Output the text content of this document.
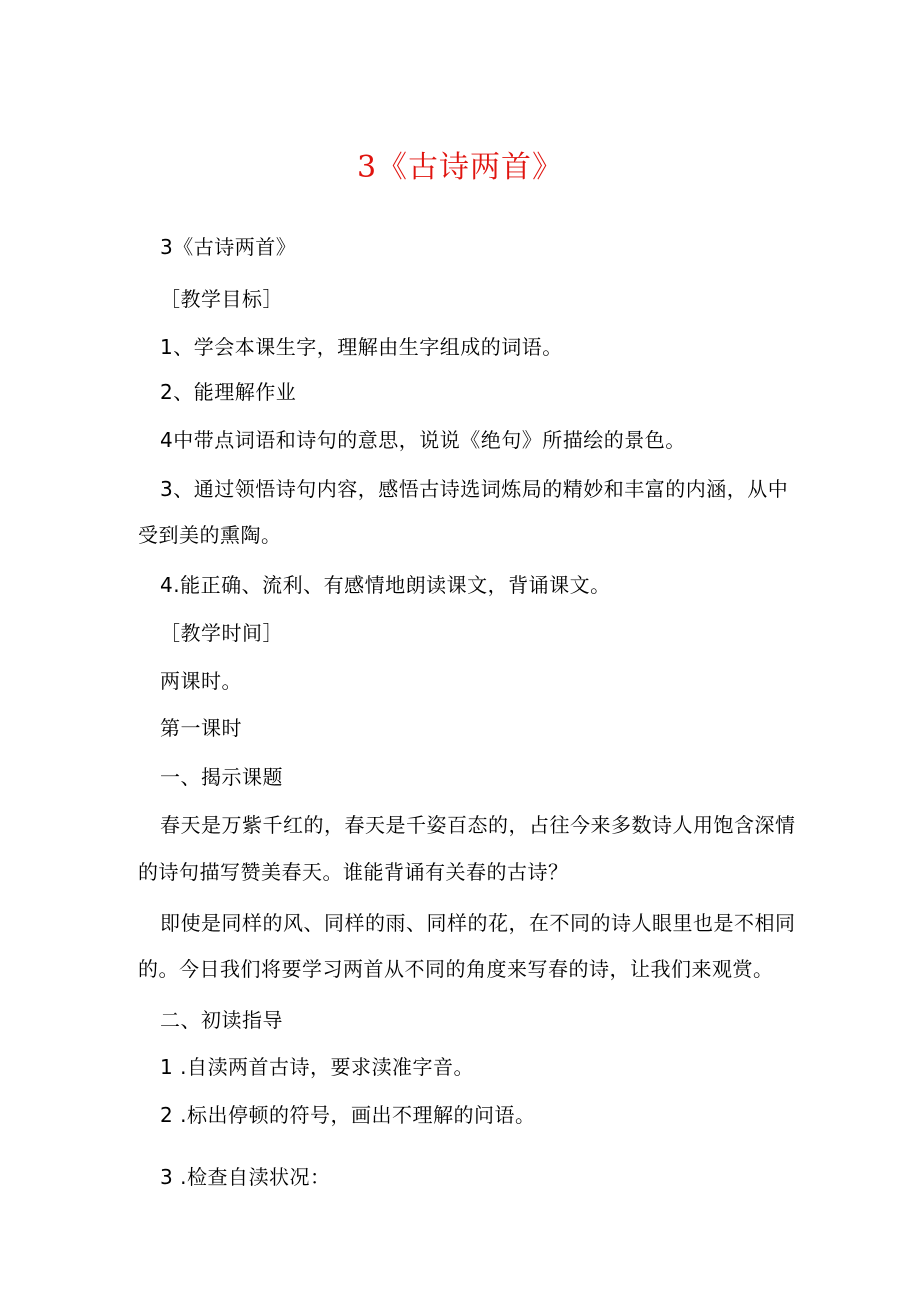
3《古诗两首》
3《古诗两首》
［教学目标］
1、学会本课生字，理解由生字组成的词语。
2、能理解作业
4中带点词语和诗句的意思，说说《绝句》所描绘的景色。
3、通过领悟诗句内容，感悟古诗选词炼局的精妙和丰富的内涵，从中
受到美的熏陶。
4.能正确、流利、有感情地朗读课文，背诵课文。
［教学时间］
两课时。
第一课时
一、揭示课题
春天是万紫千红的，春天是千姿百态的，占往今来多数诗人用饱含深情
的诗句描写赞美春天。谁能背诵有关春的古诗？
即使是同样的风、同样的雨、同样的花，在不同的诗人眼里也是不相同
的。今日我们将要学习两首从不同的角度来写春的诗，让我们来观赏。
二、初读指导
1 .自渎两首古诗，要求渎准字音。
2 .标出停顿的符号，画出不理解的问语。
3 .检查自渎状况：
